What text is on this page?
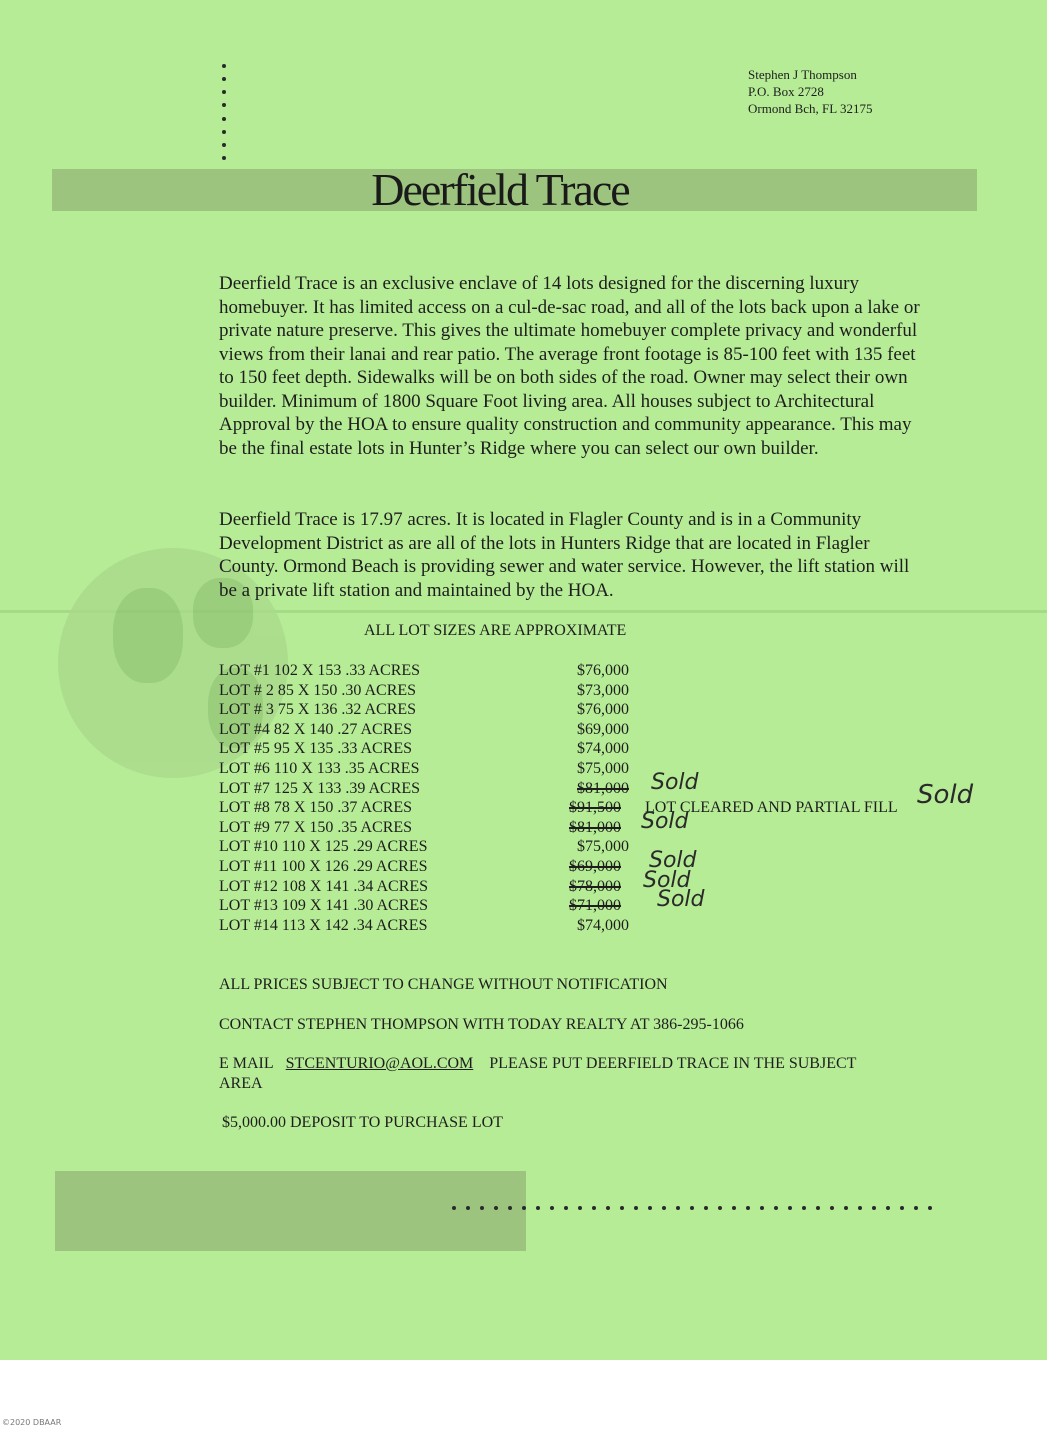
Stephen J Thompson
P.O. Box 2728
Ormond Bch, FL 32175
Deerfield Trace
Deerfield Trace is an exclusive enclave of 14 lots designed for the discerning luxury homebuyer. It has limited access on a cul-de-sac road, and all of the lots back upon a lake or private nature preserve. This gives the ultimate homebuyer complete privacy and wonderful views from their lanai and rear patio. The average front footage is 85-100 feet with 135 feet to 150 feet depth. Sidewalks will be on both sides of the road. Owner may select their own builder. Minimum of 1800 Square Foot living area. All houses subject to Architectural Approval by the HOA to ensure quality construction and community appearance. This may be the final estate lots in Hunter’s Ridge where you can select our own builder.
Deerfield Trace is 17.97 acres. It is located in Flagler County and is in a Community Development District as are all of the lots in Hunters Ridge that are located in Flagler County. Ormond Beach is providing sewer and water service. However, the lift station will be a private lift station and maintained by the HOA.
ALL LOT SIZES ARE APPROXIMATE
LOT #1 102 X 153 .33 ACRES	$76,000
LOT # 2 85 X 150 .30 ACRES	$73,000
LOT # 3 75 X 136 .32 ACRES	$76,000
LOT #4 82 X 140 .27 ACRES	$69,000
LOT #5 95 X 135 .33 ACRES	$74,000
LOT #6 110 X 133 .35 ACRES	$75,000
LOT #7 125 X 133 .39 ACRES	$81,000 Sold
LOT #8 78 X 150 .37 ACRES	$91,500 LOT CLEARED AND PARTIAL FILL Sold
LOT #9 77 X 150 .35 ACRES	$81,000 Sold
LOT #10 110 X 125 .29 ACRES	$75,000
LOT #11 100 X 126 .29 ACRES	$69,000 Sold
LOT #12 108 X 141 .34 ACRES	$78,000 Sold
LOT #13 109 X 141 .30 ACRES	$71,000 Sold
LOT #14 113 X 142 .34 ACRES	$74,000
ALL PRICES SUBJECT TO CHANGE WITHOUT NOTIFICATION
CONTACT STEPHEN THOMPSON WITH TODAY REALTY AT 386-295-1066
E MAIL STCENTURIO@AOL.COM PLEASE PUT DEERFIELD TRACE IN THE SUBJECT
AREA
$5,000.00 DEPOSIT TO PURCHASE LOT
©2020 DBAAR
